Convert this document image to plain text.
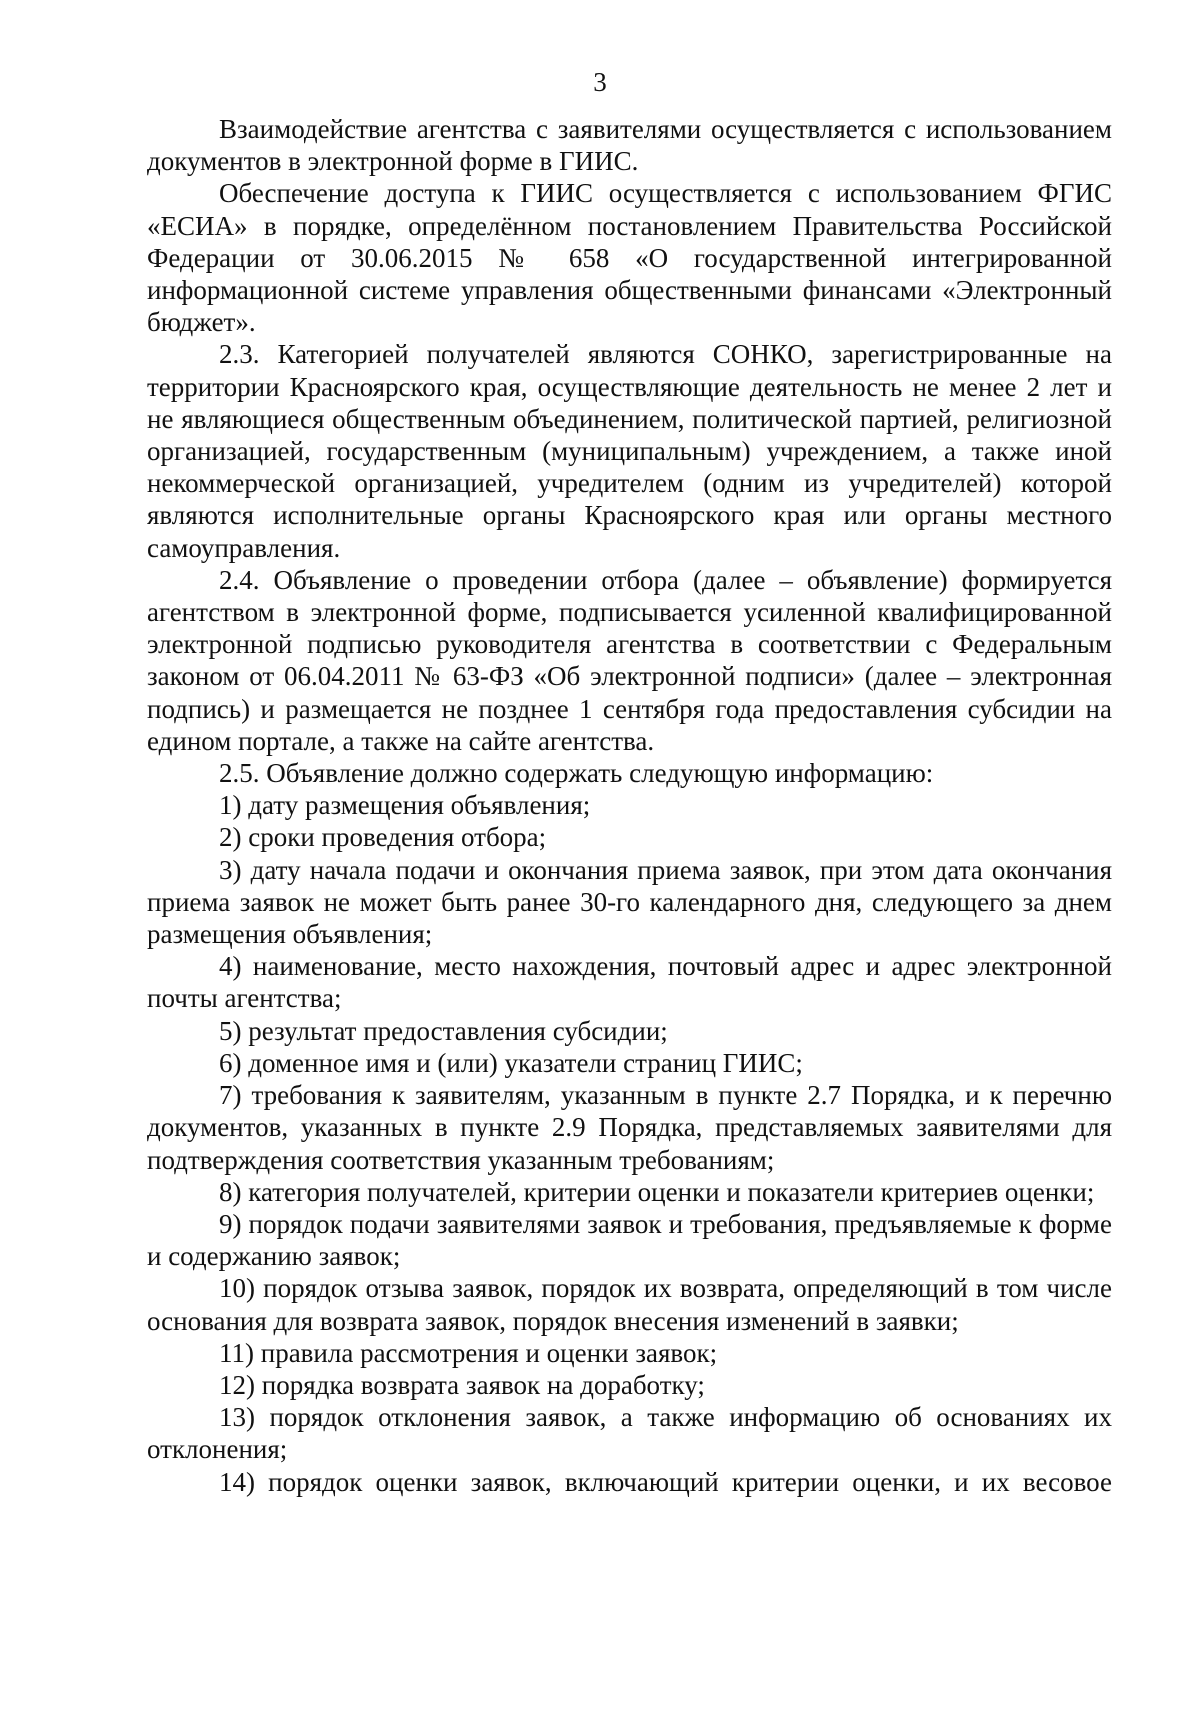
3

Взаимодействие агентства с заявителями осуществляется с использованием документов в электронной форме в ГИИС.

Обеспечение доступа к ГИИС осуществляется с использованием ФГИС «ЕСИА» в порядке, определённом постановлением Правительства Российской Федерации от 30.06.2015 № 658 «О государственной интегрированной информационной системе управления общественными финансами «Электронный бюджет».

2.3. Категорией получателей являются СОНКО, зарегистрированные на территории Красноярского края, осуществляющие деятельность не менее 2 лет и не являющиеся общественным объединением, политической партией, религиозной организацией, государственным (муниципальным) учреждением, а также иной некоммерческой организацией, учредителем (одним из учредителей) которой являются исполнительные органы Красноярского края или органы местного самоуправления.

2.4. Объявление о проведении отбора (далее – объявление) формируется агентством в электронной форме, подписывается усиленной квалифицированной электронной подписью руководителя агентства в соответствии с Федеральным законом от 06.04.2011 № 63-ФЗ «Об электронной подписи» (далее – электронная подпись) и размещается не позднее 1 сентября года предоставления субсидии на едином портале, а также на сайте агентства.

2.5. Объявление должно содержать следующую информацию:

1) дату размещения объявления;

2) сроки проведения отбора;

3) дату начала подачи и окончания приема заявок, при этом дата окончания приема заявок не может быть ранее 30-го календарного дня, следующего за днем размещения объявления;

4) наименование, место нахождения, почтовый адрес и адрес электронной почты агентства;

5) результат предоставления субсидии;

6) доменное имя и (или) указатели страниц ГИИС;

7) требования к заявителям, указанным в пункте 2.7 Порядка, и к перечню документов, указанных в пункте 2.9 Порядка, представляемых заявителями для подтверждения соответствия указанным требованиям;

8) категория получателей, критерии оценки и показатели критериев оценки;

9) порядок подачи заявителями заявок и требования, предъявляемые к форме и содержанию заявок;

10) порядок отзыва заявок, порядок их возврата, определяющий в том числе основания для возврата заявок, порядок внесения изменений в заявки;

11) правила рассмотрения и оценки заявок;

12) порядка возврата заявок на доработку;

13) порядок отклонения заявок, а также информацию об основаниях их отклонения;

14) порядок оценки заявок, включающий критерии оценки, и их весовое
